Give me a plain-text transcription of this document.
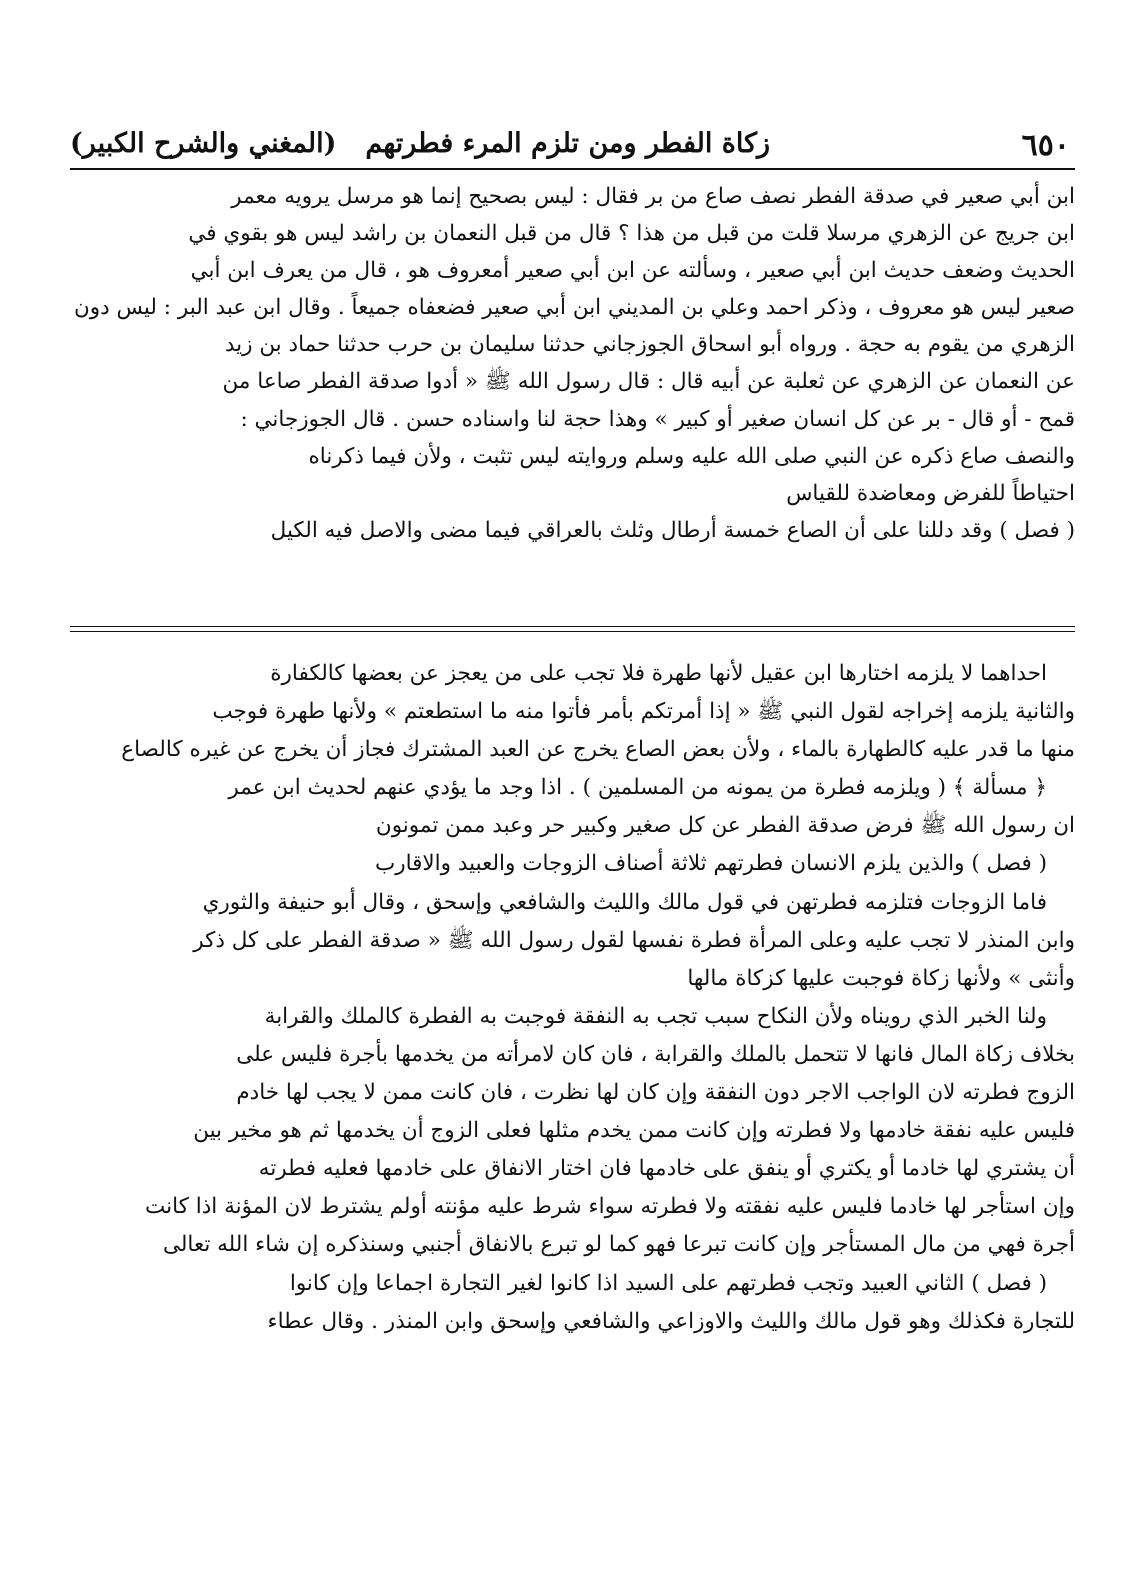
٦٥٠
زكاة الفطر ومن تلزم المرء فطرتهم
(المغني والشرح الكبير)

ابن أبي صعير في صدقة الفطر نصف صاع من بر فقال : ليس بصحيح إنما هو مرسل يرويه معمر

ابن جريج عن الزهري مرسلا قلت من قبل من هذا ؟ قال من قبل النعمان بن راشد ليس هو بقوي في

الحديث وضعف حديث ابن أبي صعير ، وسألته عن ابن أبي صعير أمعروف هو ، قال من يعرف ابن أبي

صعير ليس هو معروف ، وذكر احمد وعلي بن المديني ابن أبي صعير فضعفاه جميعاً . وقال ابن عبد البر : ليس دون

الزهري من يقوم به حجة . ورواه أبو اسحاق الجوزجاني حدثنا سليمان بن حرب حدثنا حماد بن زيد

عن النعمان عن الزهري عن ثعلبة عن أبيه قال : قال رسول الله ﷺ « أدوا صدقة الفطر صاعا من

قمح - أو قال - بر عن كل انسان صغير أو كبير » وهذا حجة لنا واسناده حسن . قال الجوزجاني :

والنصف صاع ذكره عن النبي صلى الله عليه وسلم وروايته ليس تثبت ، ولأن فيما ذكرناه

احتياطاً للفرض ومعاضدة للقياس

( فصل ) وقد دللنا على أن الصاع خمسة أرطال وثلث بالعراقي فيما مضى والاصل فيه الكيل

احداهما لا يلزمه اختارها ابن عقيل لأنها طهرة فلا تجب على من يعجز عن بعضها كالكفارة

والثانية يلزمه إخراجه لقول النبي ﷺ « إذا أمرتكم بأمر فأتوا منه ما استطعتم » ولأنها طهرة فوجب

منها ما قدر عليه كالطهارة بالماء ، ولأن بعض الصاع يخرج عن العبد المشترك فجاز أن يخرج عن غيره كالصاع

﴿ مسألة ﴾ ( ويلزمه فطرة من يمونه من المسلمين ) . اذا وجد ما يؤدي عنهم لحديث ابن عمر

ان رسول الله ﷺ فرض صدقة الفطر عن كل صغير وكبير حر وعبد ممن تمونون

( فصل ) والذين يلزم الانسان فطرتهم ثلاثة أصناف الزوجات والعبيد والاقارب

فاما الزوجات فتلزمه فطرتهن في قول مالك والليث والشافعي وإسحق ، وقال أبو حنيفة والثوري

وابن المنذر لا تجب عليه وعلى المرأة فطرة نفسها لقول رسول الله ﷺ « صدقة الفطر على كل ذكر

وأنثى » ولأنها زكاة فوجبت عليها كزكاة مالها

ولنا الخبر الذي رويناه ولأن النكاح سبب تجب به النفقة فوجبت به الفطرة كالملك والقرابة

بخلاف زكاة المال فانها لا تتحمل بالملك والقرابة ، فان كان لامرأته من يخدمها بأجرة فليس على

الزوج فطرته لان الواجب الاجر دون النفقة وإن كان لها نظرت ، فان كانت ممن لا يجب لها خادم

فليس عليه نفقة خادمها ولا فطرته وإن كانت ممن يخدم مثلها فعلى الزوج أن يخدمها ثم هو مخير بين

أن يشتري لها خادما أو يكتري أو ينفق على خادمها فان اختار الانفاق على خادمها فعليه فطرته

وإن استأجر لها خادما فليس عليه نفقته ولا فطرته سواء شرط عليه مؤنته أولم يشترط لان المؤنة اذا كانت

أجرة فهي من مال المستأجر وإن كانت تبرعا فهو كما لو تبرع بالانفاق أجنبي وسنذكره إن شاء الله تعالى

( فصل ) الثاني العبيد وتجب فطرتهم على السيد اذا كانوا لغير التجارة اجماعا وإن كانوا

للتجارة فكذلك وهو قول مالك والليث والاوزاعي والشافعي وإسحق وابن المنذر . وقال عطاء
